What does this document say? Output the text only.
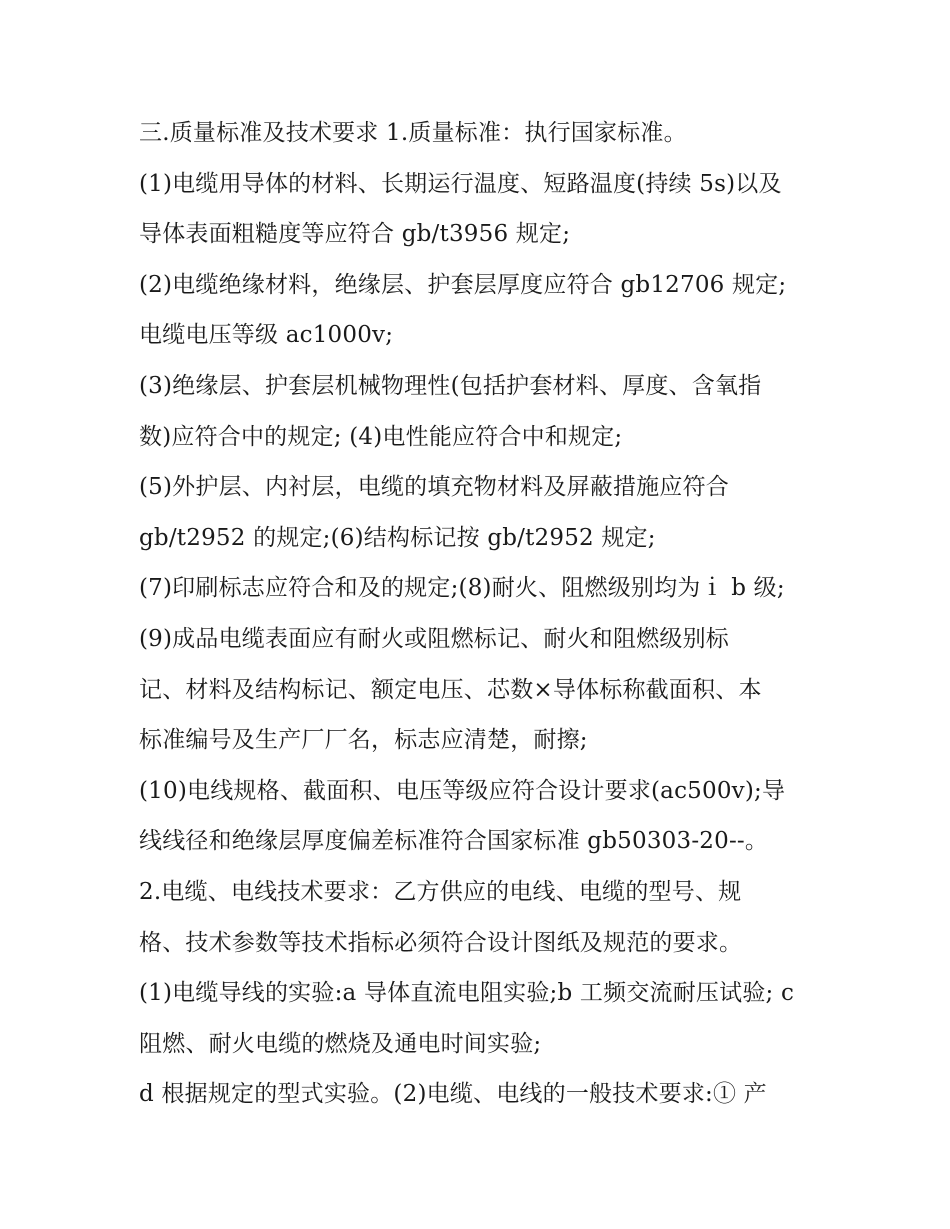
三.质量标准及技术要求 1.质量标准：执行国家标准。
(1)电缆用导体的材料、长期运行温度、短路温度(持续 5s)以及
导体表面粗糙度等应符合 gb/t3956 规定;
(2)电缆绝缘材料，绝缘层、护套层厚度应符合 gb12706 规定;
电缆电压等级 ac1000v;
(3)绝缘层、护套层机械物理性(包括护套材料、厚度、含氧指
数)应符合中的规定; (4)电性能应符合中和规定;
(5)外护层、内衬层，电缆的填充物材料及屏蔽措施应符合
gb/t2952 的规定;(6)结构标记按 gb/t2952 规定;
(7)印刷标志应符合和及的规定;(8)耐火、阻燃级别均为ｉ b 级;
(9)成品电缆表面应有耐火或阻燃标记、耐火和阻燃级别标
记、材料及结构标记、额定电压、芯数×导体标称截面积、本
标准编号及生产厂厂名，标志应清楚，耐擦;
(10)电线规格、截面积、电压等级应符合设计要求(ac500v);导
线线径和绝缘层厚度偏差标准符合国家标准 gb50303-20--。
2.电缆、电线技术要求：乙方供应的电线、电缆的型号、规
格、技术参数等技术指标必须符合设计图纸及规范的要求。
(1)电缆导线的实验:a 导体直流电阻实验;b 工频交流耐压试验; c
阻燃、耐火电缆的燃烧及通电时间实验;
d 根据规定的型式实验。(2)电缆、电线的一般技术要求:① 产
